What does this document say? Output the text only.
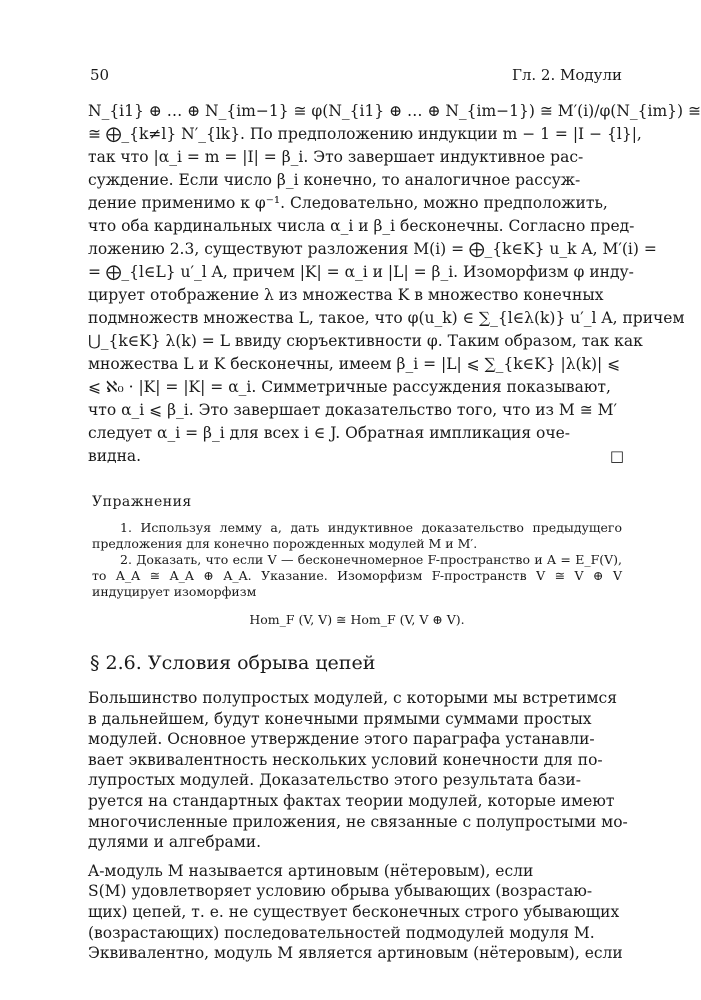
50	Гл. 2. Модули
N_{i1} ⊕ … ⊕ N_{im−1} ≅ φ(N_{i1} ⊕ … ⊕ N_{im−1}) ≅ M′(i)/φ(N_{im}) ≅
≅ ⨁_{k≠l} N′_{lk}. По предположению индукции m − 1 = |I − {l}|,
так что |α_i = m = |I| = β_i. Это завершает индуктивное рас-
суждение. Если число β_i конечно, то аналогичное рассуж-
дение применимо к φ⁻¹. Следовательно, можно предположить,
что оба кардинальных числа α_i и β_i бесконечны. Согласно пред-
ложению 2.3, существуют разложения M(i) = ⨁_{k∈K} u_k A, M′(i) =
= ⨁_{l∈L} u′_l A, причем |K| = α_i и |L| = β_i. Изоморфизм φ инду-
цирует отображение λ из множества K в множество конечных
подмножеств множества L, такое, что φ(u_k) ∈ ∑_{l∈λ(k)} u′_l A, причем
⋃_{k∈K} λ(k) = L ввиду сюръективности φ. Таким образом, так как
множества L и K бесконечны, имеем β_i = |L| ⩽ ∑_{k∈K} |λ(k)| ⩽
⩽ ℵ₀ · |K| = |K| = α_i. Симметричные рассуждения показывают,
что α_i ⩽ β_i. Это завершает доказательство того, что из M ≅ M′
следует α_i = β_i для всех i ∈ J. Обратная импликация оче-
видна.	□
Упражнения

1. Используя лемму а, дать индуктивное доказательство предыдущего предложения для конечно порожденных модулей M и M′.

2. Доказать, что если V — бесконечномерное F-пространство и A = E_F(V), то A_A ≅ A_A ⊕ A_A. Указание. Изоморфизм F-пространств V ≅ V ⊕ V индуцирует изоморфизм

Hom_F (V, V) ≅ Hom_F (V, V ⊕ V).

§ 2.6. Условия обрыва цепей
Большинство полупростых модулей, с которыми мы встретимся
в дальнейшем, будут конечными прямыми суммами простых
модулей. Основное утверждение этого параграфа устанавли-
вает эквивалентность нескольких условий конечности для по-
лупростых модулей. Доказательство этого результата бази-
руется на стандартных фактах теории модулей, которые имеют
многочисленные приложения, не связанные с полупростыми мо-
дулями и алгебрами.
A-модуль M называется артиновым (нётеровым), если
S(M) удовлетворяет условию обрыва убывающих (возрастаю-
щих) цепей, т. е. не существует бесконечных строго убывающих
(возрастающих) последовательностей подмодулей модуля M.
Эквивалентно, модуль M является артиновым (нётеровым), если
